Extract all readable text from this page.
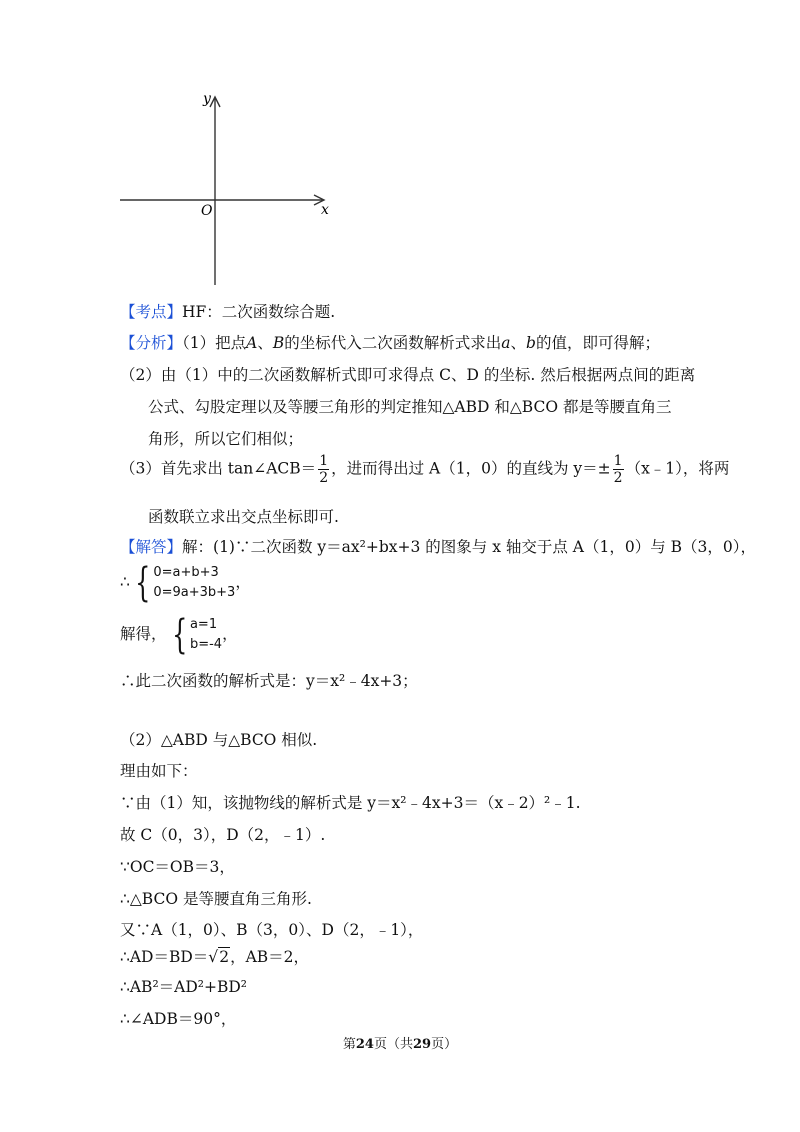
y
x
O
【考点】HF：二次函数综合题.
【分析】（1）把点A、B的坐标代入二次函数解析式求出a、b的值，即可得解；
（2）由（1）中的二次函数解析式即可求得点 C、D 的坐标. 然后根据两点间的距离
公式、勾股定理以及等腰三角形的判定推知△ABD 和△BCO 都是等腰直角三
角形，所以它们相似；
（3）首先求出 tan∠ACB＝ $\frac{1}{2}$ ，进而得出过 A（1，0）的直线为 $y=\pm \frac{1}{2}$ （x﹣1），将两
函数联立求出交点坐标即可.
【解答】解：(1)∵二次函数 y＝ax²+bx+3 的图象与 x 轴交于点 A（1，0）与 B（3，0），
∴ { 0=a+b+3
0=9a+3b+3，
解得， { a=1
b=-4，
∴此二次函数的解析式是：y＝x²﹣4x+3；
（2）△ABD 与△BCO 相似.
理由如下：
∵由（1）知，该抛物线的解析式是 y＝x²﹣4x+3＝（x﹣2）²﹣1.
故 C（0，3），D（2，﹣1）.
∵OC＝OB＝3，
∴△BCO 是等腰直角三角形.
又∵A（1，0）、B（3，0）、D（2，﹣1），
∴AD＝BD＝√2，AB＝2，
∴AB²＝AD²+BD²
∴∠ADB＝90°，
第24页（共29页）
